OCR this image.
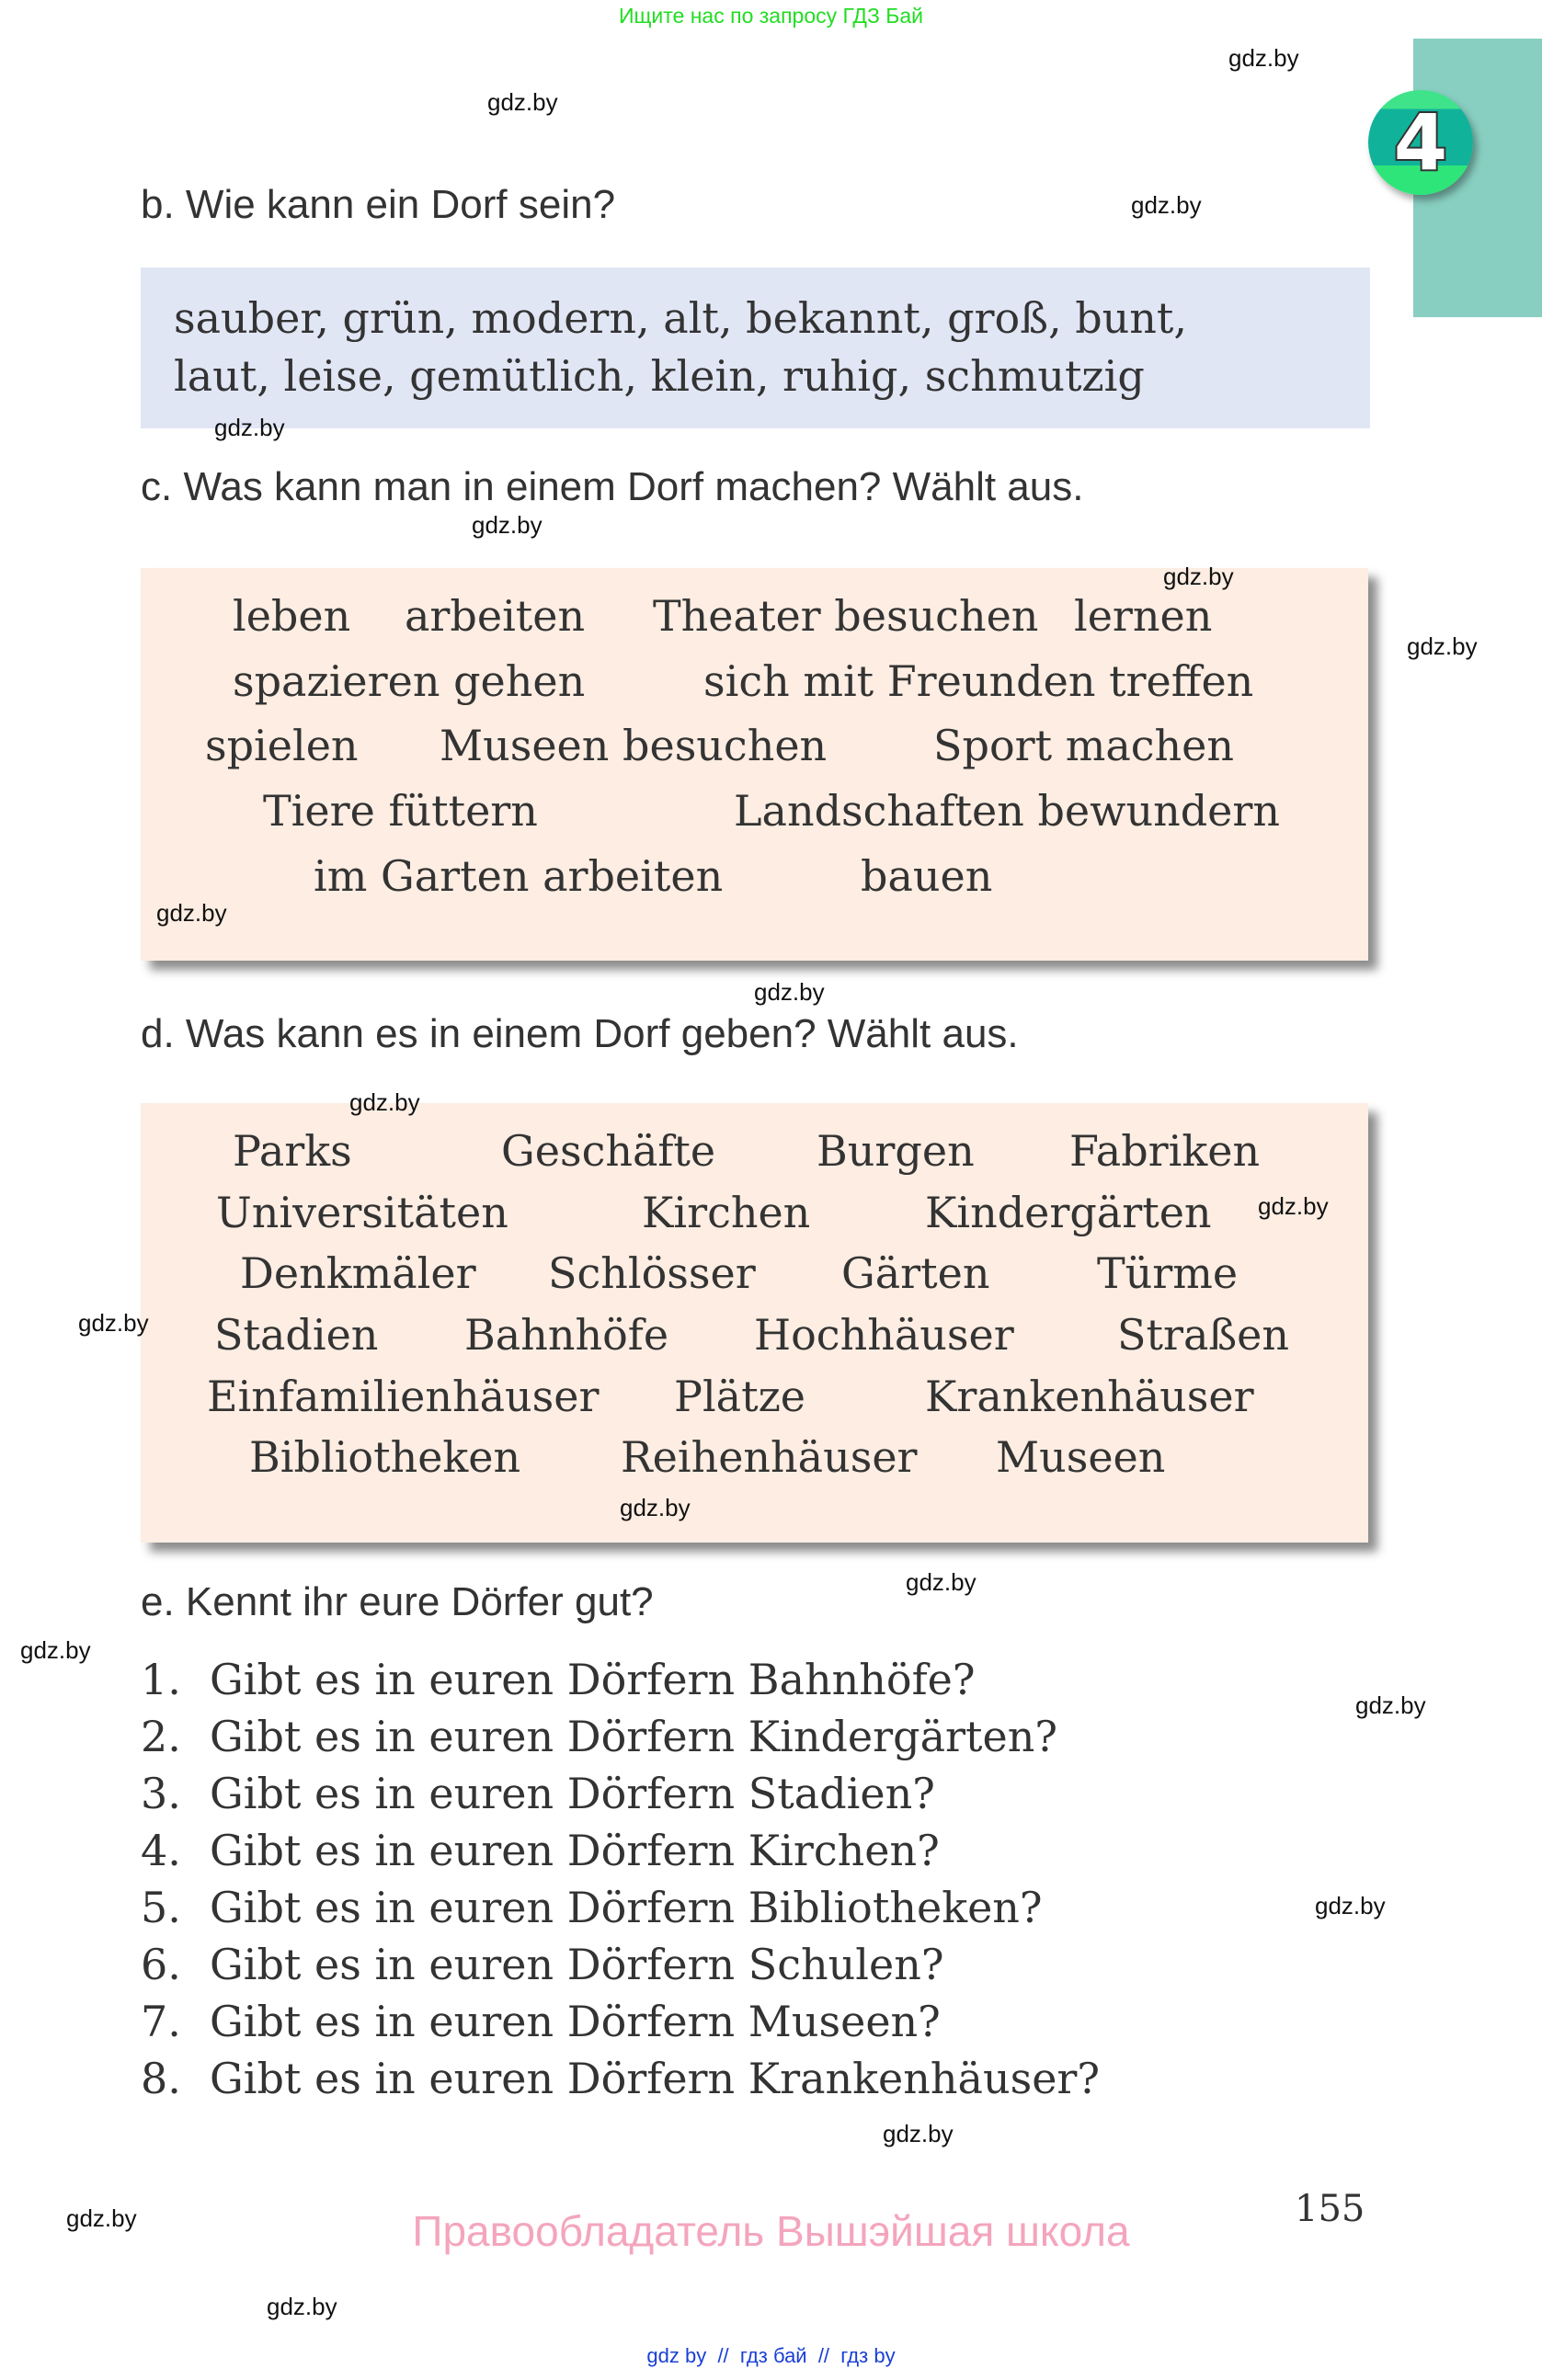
Ищите нас по запросу ГДЗ Бай
4
b. Wie kann ein Dorf sein?
sauber, grün, modern, alt, bekannt, groß, bunt,
laut, leise, gemütlich, klein, ruhig, schmutzig
c. Was kann man in einem Dorf machen? Wählt aus.
leben arbeiten Theater besuchen lernen
spazieren gehen	sich mit Freunden treffen
spielen Museen besuchen	Sport machen
Tiere füttern	Landschaften bewundern
im Garten arbeiten	bauen
d. Was kann es in einem Dorf geben? Wählt aus.
Parks	Geschäfte Burgen Fabriken
Universitäten	Kirchen	Kindergärten
Denkmäler Schlösser Gärten	Türme
Stadien Bahnhöfe Hochhäuser Straßen
Einfamilienhäuser Plätze	Krankenhäuser
Bibliotheken Reihenhäuser Museen
e. Kennt ihr eure Dörfer gut?
1. Gibt es in euren Dörfern Bahnhöfe?
2. Gibt es in euren Dörfern Kindergärten?
3. Gibt es in euren Dörfern Stadien?
4. Gibt es in euren Dörfern Kirchen?
5. Gibt es in euren Dörfern Bibliotheken?
6. Gibt es in euren Dörfern Schulen?
7. Gibt es in euren Dörfern Museen?
8. Gibt es in euren Dörfern Krankenhäuser?
gdz.by
gdz.by
gdz.by
gdz.by
gdz.by
gdz.by
gdz.by
gdz.by
gdz.by
gdz.by
gdz.by
gdz.by
gdz.by
gdz.by
gdz.by
gdz.by
gdz.by
gdz.by
gdz.by
gdz.by
155
Правообладатель Вышэйшая школа
gdz by  //  гдз бай  //  гдз by
